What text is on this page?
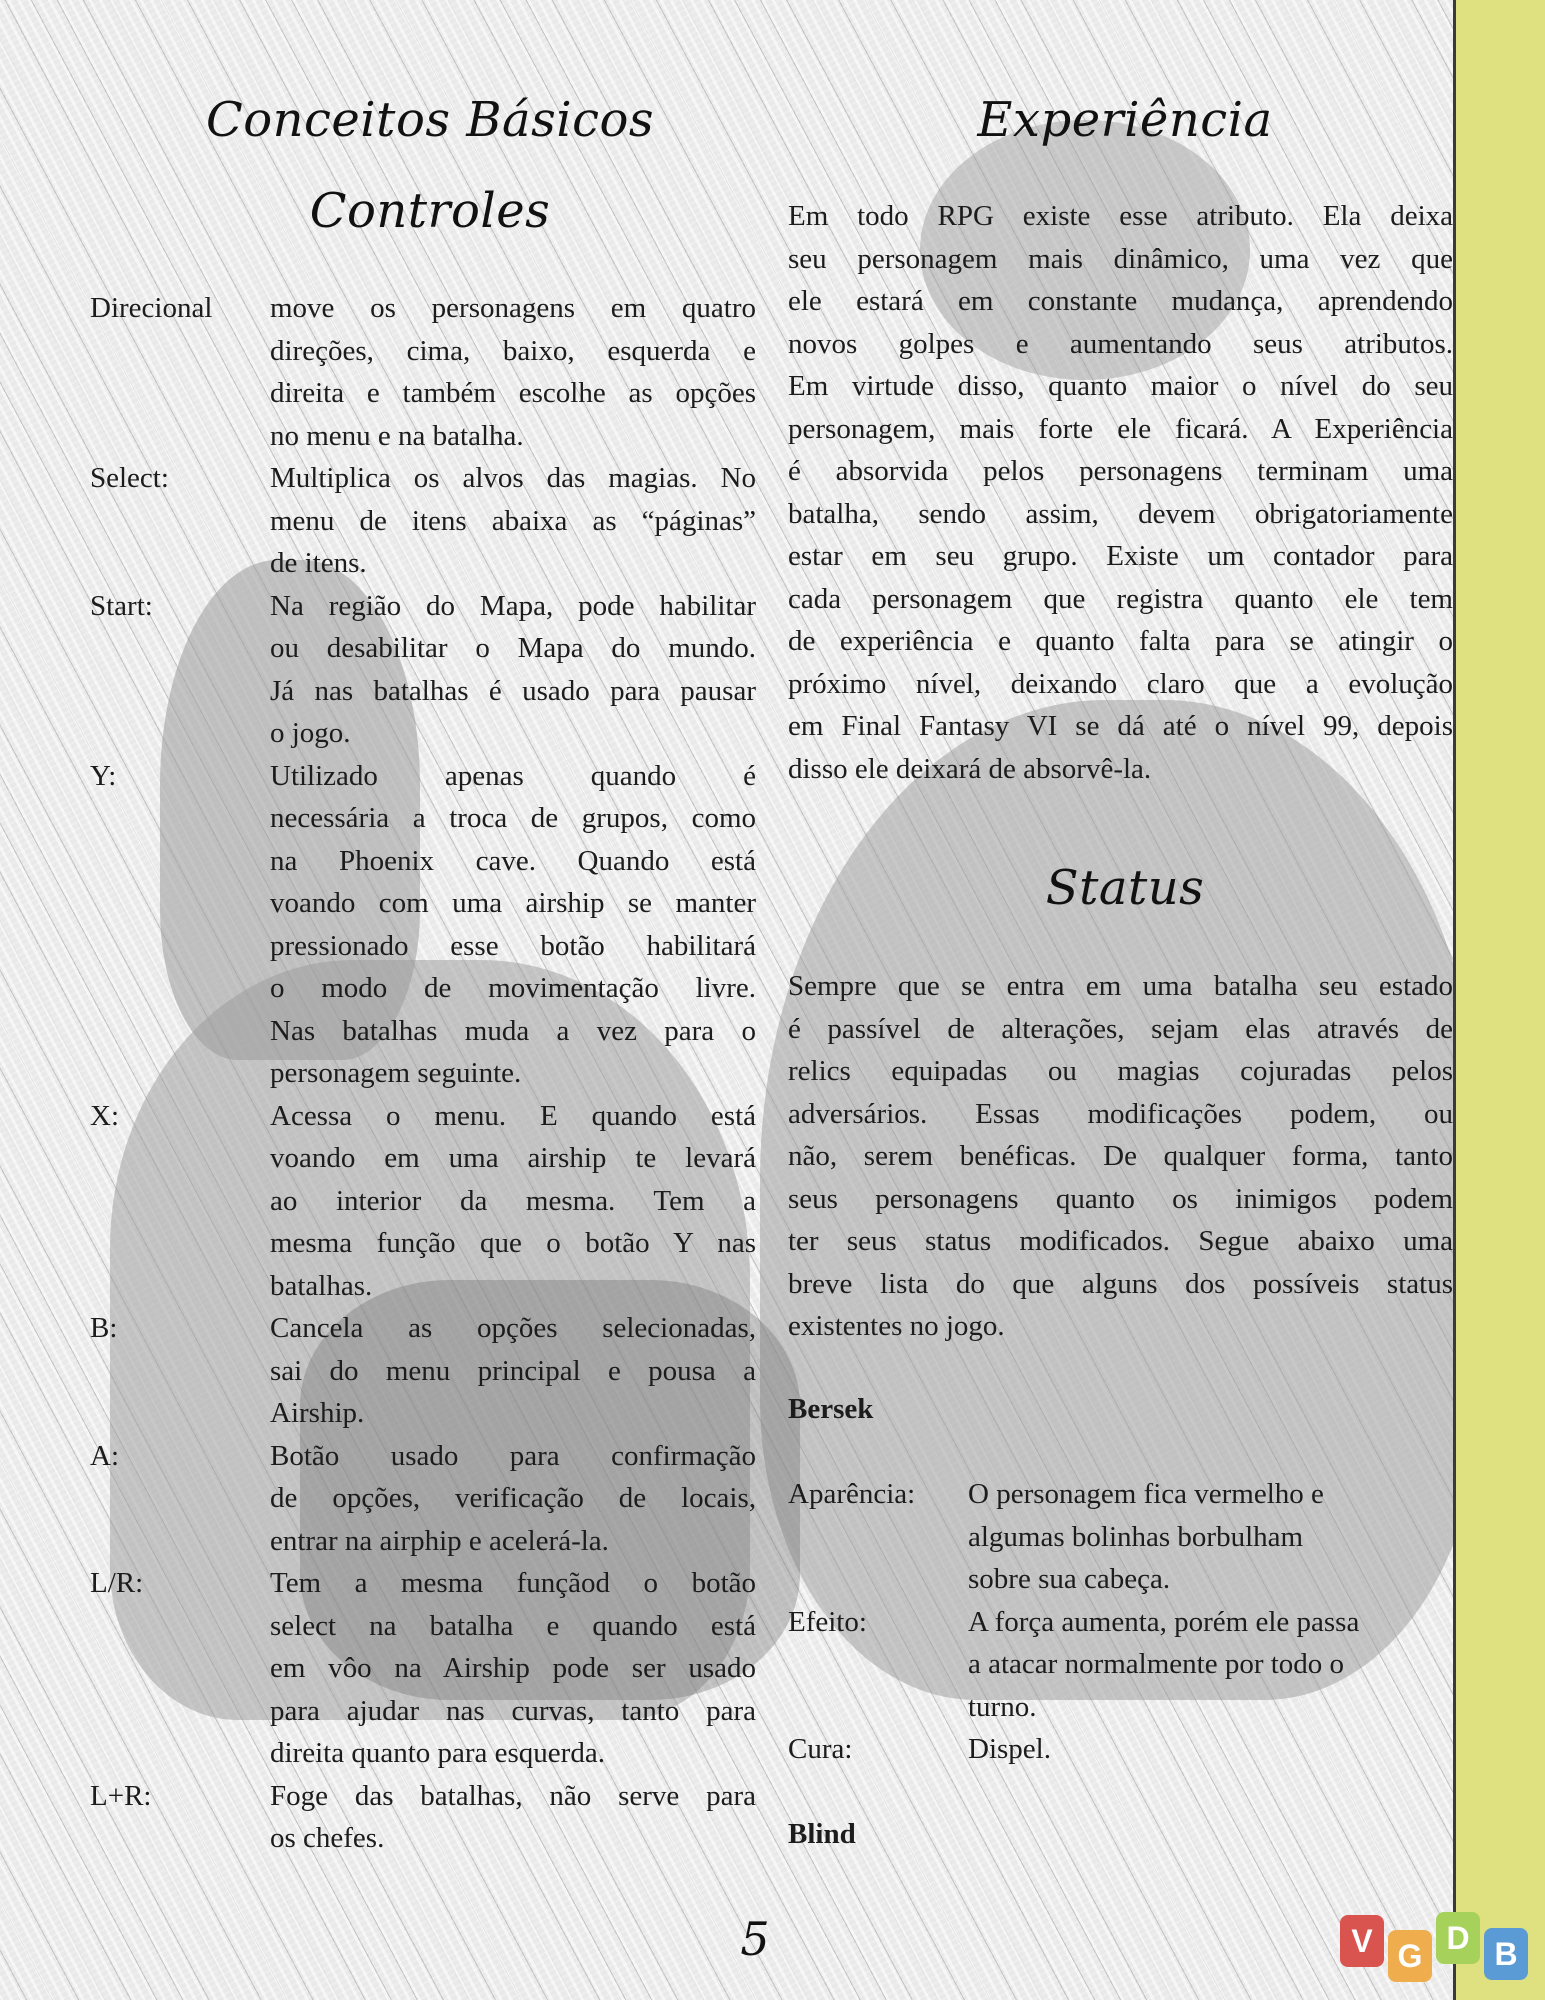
Conceitos Básicos
Controles
Direcional move os personagens em quatro
direções, cima, baixo, esquerda e
direita e também escolhe as opções
no menu e na batalha.
Select:	Multiplica os alvos das magias. No
menu de itens abaixa as “páginas”
de itens.
Start:	Na região do Mapa, pode habilitar
ou desabilitar o Mapa do mundo.
Já nas batalhas é usado para pausar
o jogo.
Y:	Utilizado apenas quando é
necessária a troca de grupos, como
na Phoenix cave. Quando está
voando com uma airship se manter
pressionado esse botão habilitará
o modo de movimentação livre.
Nas batalhas muda a vez para o
personagem seguinte.
X:	Acessa o menu. E quando está
voando em uma airship te levará
ao interior da mesma. Tem a
mesma função que o botão Y nas
batalhas.
B:	Cancela as opções selecionadas,
sai do menu principal e pousa a
Airship.
A:	Botão usado para confirmação
de opções, verificação de locais,
entrar na airphip e acelerá-la.
L/R:	Tem a mesma funçãod o botão
select na batalha e quando está
em vôo na Airship pode ser usado
para ajudar nas curvas, tanto para
direita quanto para esquerda.
L+R:	Foge das batalhas, não serve para
os chefes.
Experiência
Em todo RPG existe esse atributo. Ela deixa
seu personagem mais dinâmico, uma vez que
ele estará em constante mudança, aprendendo
novos golpes e aumentando seus atributos.
Em virtude disso, quanto maior o nível do seu
personagem, mais forte ele ficará. A Experiência
é absorvida pelos personagens terminam uma
batalha, sendo assim, devem obrigatoriamente
estar em seu grupo. Existe um contador para
cada personagem que registra quanto ele tem
de experiência e quanto falta para se atingir o
próximo nível, deixando claro que a evolução
em Final Fantasy VI se dá até o nível 99, depois
disso ele deixará de absorvê-la.
Status
Sempre que se entra em uma batalha seu estado
é passível de alterações, sejam elas através de
relics equipadas ou magias cojuradas pelos
adversários. Essas modificações podem, ou
não, serem benéficas. De qualquer forma, tanto
seus personagens quanto os inimigos podem
ter seus status modificados. Segue abaixo uma
breve lista do que alguns dos possíveis status
existentes no jogo.
Bersek
Aparência: O personagem fica vermelho e
algumas bolinhas borbulham
sobre sua cabeça.
Efeito:	A força aumenta, porém ele passa
a atacar normalmente por todo o
turno.
Cura:	Dispel.
Blind
5	V G D B
